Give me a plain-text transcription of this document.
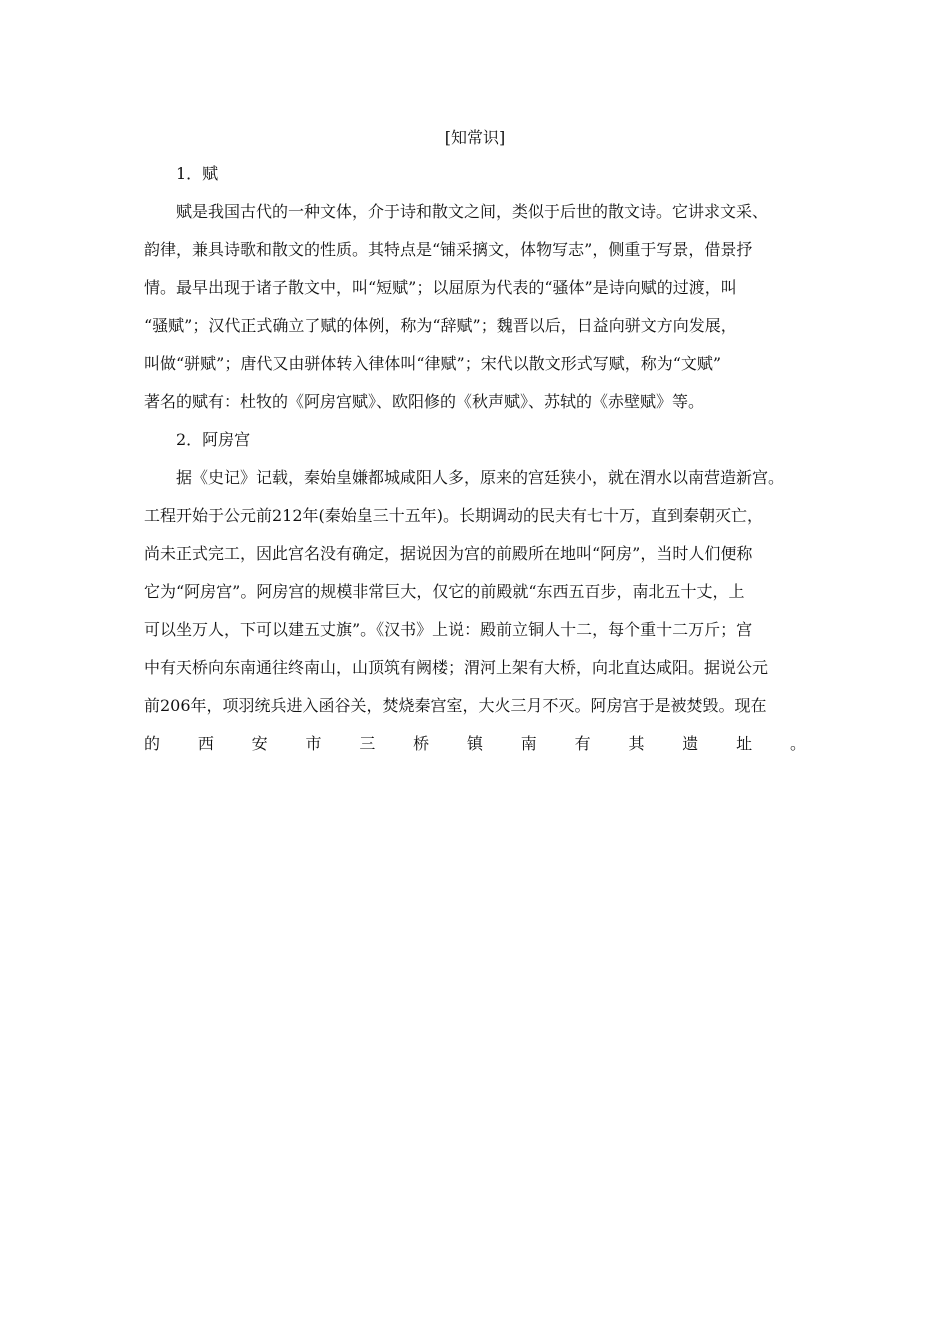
[知常识]
1．赋
赋是我国古代的一种文体，介于诗和散文之间，类似于后世的散文诗。它讲求文采、
韵律，兼具诗歌和散文的性质。其特点是“铺采摛文，体物写志”，侧重于写景，借景抒
情。最早出现于诸子散文中，叫“短赋”；以屈原为代表的“骚体”是诗向赋的过渡，叫
“骚赋”；汉代正式确立了赋的体例，称为“辞赋”；魏晋以后，日益向骈文方向发展，
叫做“骈赋”；唐代又由骈体转入律体叫“律赋”；宋代以散文形式写赋，称为“文赋”
著名的赋有：杜牧的《阿房宫赋》、欧阳修的《秋声赋》、苏轼的《赤壁赋》等。
2．阿房宫
据《史记》记载，秦始皇嫌都城咸阳人多，原来的宫廷狭小，就在渭水以南营造新宫。
工程开始于公元前212年(秦始皇三十五年)。长期调动的民夫有七十万，直到秦朝灭亡，
尚未正式完工，因此宫名没有确定，据说因为宫的前殿所在地叫“阿房”，当时人们便称
它为“阿房宫”。阿房宫的规模非常巨大，仅它的前殿就“东西五百步，南北五十丈，上
可以坐万人，下可以建五丈旗”。《汉书》上说：殿前立铜人十二，每个重十二万斤；宫
中有天桥向东南通往终南山，山顶筑有阙楼；渭河上架有大桥，向北直达咸阳。据说公元
前206年，项羽统兵进入函谷关，焚烧秦宫室，大火三月不灭。阿房宫于是被焚毁。现在
的 西 安 市 三 桥 镇 南 有 其 遗 址 。
